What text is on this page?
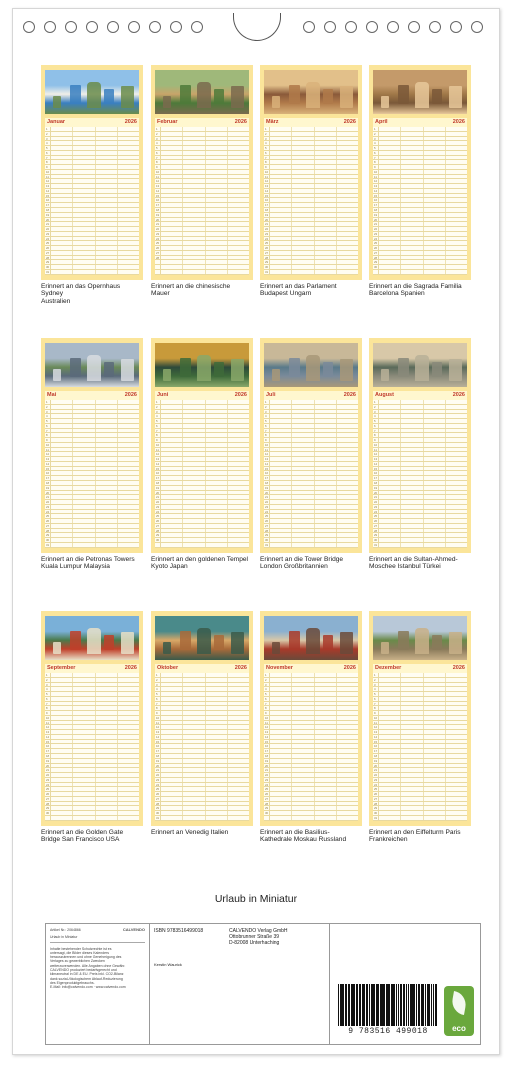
Januar	2026
1
2
3
4
5
6
7
8
9
10
11
12
13
14
15
16
17
18
19
20
21
22
23
24
25
26
27
28
29
30
31
Erinnert an das Opernhaus Sydney
Australien
Februar	2026
1
2
3
4
5
6
7
8
9
10
11
12
13
14
15
16
17
18
19
20
21
22
23
24
25
26
27
28
Erinnert an die chinesische
Mauer
März	2026
1
2
3
4
5
6
7
8
9
10
11
12
13
14
15
16
17
18
19
20
21
22
23
24
25
26
27
28
29
30
31
Erinnert an das Parlament
Budapest Ungarn
April	2026
1
2
3
4
5
6
7
8
9
10
11
12
13
14
15
16
17
18
19
20
21
22
23
24
25
26
27
28
29
30
Erinnert an die Sagrada Familia
Barcelona Spanien
Mai	2026
1
2
3
4
5
6
7
8
9
10
11
12
13
14
15
16
17
18
19
20
21
22
23
24
25
26
27
28
29
30
31
Erinnert an die Petronas Towers
Kuala Lumpur Malaysia
Juni	2026
1
2
3
4
5
6
7
8
9
10
11
12
13
14
15
16
17
18
19
20
21
22
23
24
25
26
27
28
29
30
Erinnert an den goldenen Tempel
Kyoto Japan
Juli	2026
1
2
3
4
5
6
7
8
9
10
11
12
13
14
15
16
17
18
19
20
21
22
23
24
25
26
27
28
29
30
31
Erinnert an die Tower Bridge
London Großbritannien
August	2026
1
2
3
4
5
6
7
8
9
10
11
12
13
14
15
16
17
18
19
20
21
22
23
24
25
26
27
28
29
30
31
Erinnert an die Sultan-Ahmed-
Moschee Istanbul Türkei
September	2026
1
2
3
4
5
6
7
8
9
10
11
12
13
14
15
16
17
18
19
20
21
22
23
24
25
26
27
28
29
30
Erinnert an die Golden Gate
Bridge San Francisco USA
Oktober	2026
1
2
3
4
5
6
7
8
9
10
11
12
13
14
15
16
17
18
19
20
21
22
23
24
25
26
27
28
29
30
31
Erinnert an Venedig Italien
November	2026
1
2
3
4
5
6
7
8
9
10
11
12
13
14
15
16
17
18
19
20
21
22
23
24
25
26
27
28
29
30
Erinnert an die Basilius-
Kathedrale Moskau Russland
Dezember	2026
1
2
3
4
5
6
7
8
9
10
11
12
13
14
15
16
17
18
19
20
21
22
23
24
25
26
27
28
29
30
31
Erinnert an den Eiffelturm Paris
Frankreichen
Urlaub in Miniatur
Artikel Nr.: 2064866	CALVENDO
Urlaub in Miniatur
Inhalte bestehender Schutzrechte ist es
untersagt, die Bilder dieses Kalenders
herauszutrennen und ohne Genehmigung des
Verlages zu gewerblichen Zwecken
weiterzuverwenden. Alle Angaben ohne Gewähr.
CALVENDO produziert bedarfsgerecht und
klimaneutral in DE & EU. Preis inkl. CO2-Bilanz
dank sozial-/ökologischem Ablauf-Reduzierung
des Eigenproduktgebrauchs.
E-Mail: info@calvendo.com · www.calvendo.com
ISBN 9783516499018	CALVENDO Verlag GmbH
Ottobrunner Straße 39
D-82008 Unterhaching
Kerstin Waurick
9 783516 499018	eco
